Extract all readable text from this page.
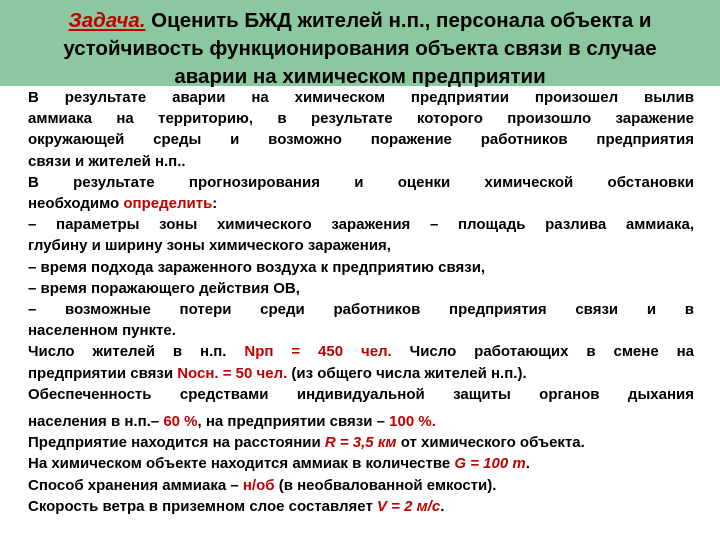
Задача. Оценить БЖД жителей н.п., персонала объекта и
устойчивость функционирования объекта связи в случае
аварии на химическом предприятии

В результате аварии на химическом предприятии произошел вылив

аммиака на территорию, в результате которого произошло заражение

окружающей среды и возможно поражение работников предприятия

связи и жителей н.п..

В результате прогнозирования и оценки химической обстановки

необходимо определить:

– параметры зоны химического заражения – площадь разлива аммиака,

глубину и ширину зоны химического заражения,

– время подхода зараженного воздуха к предприятию связи,

– время поражающего действия ОВ,

– возможные потери среди работников предприятия связи и в

населенном пункте.

Число жителей в н.п. Nрп = 450 чел. Число работающих в смене на

предприятии связи Nосн. = 50 чел. (из общего числа жителей н.п.).

Обеспеченность средствами индивидуальной защиты органов дыхания

населения в н.п.– 60 %, на предприятии связи – 100 %.

Предприятие находится на расстоянии R = 3,5 км от химического объекта.

На химическом объекте находится аммиак в количестве G = 100 т.

Способ хранения аммиака – н/об (в необвалованной емкости).

Скорость ветра в приземном слое составляет V = 2 м/с.
